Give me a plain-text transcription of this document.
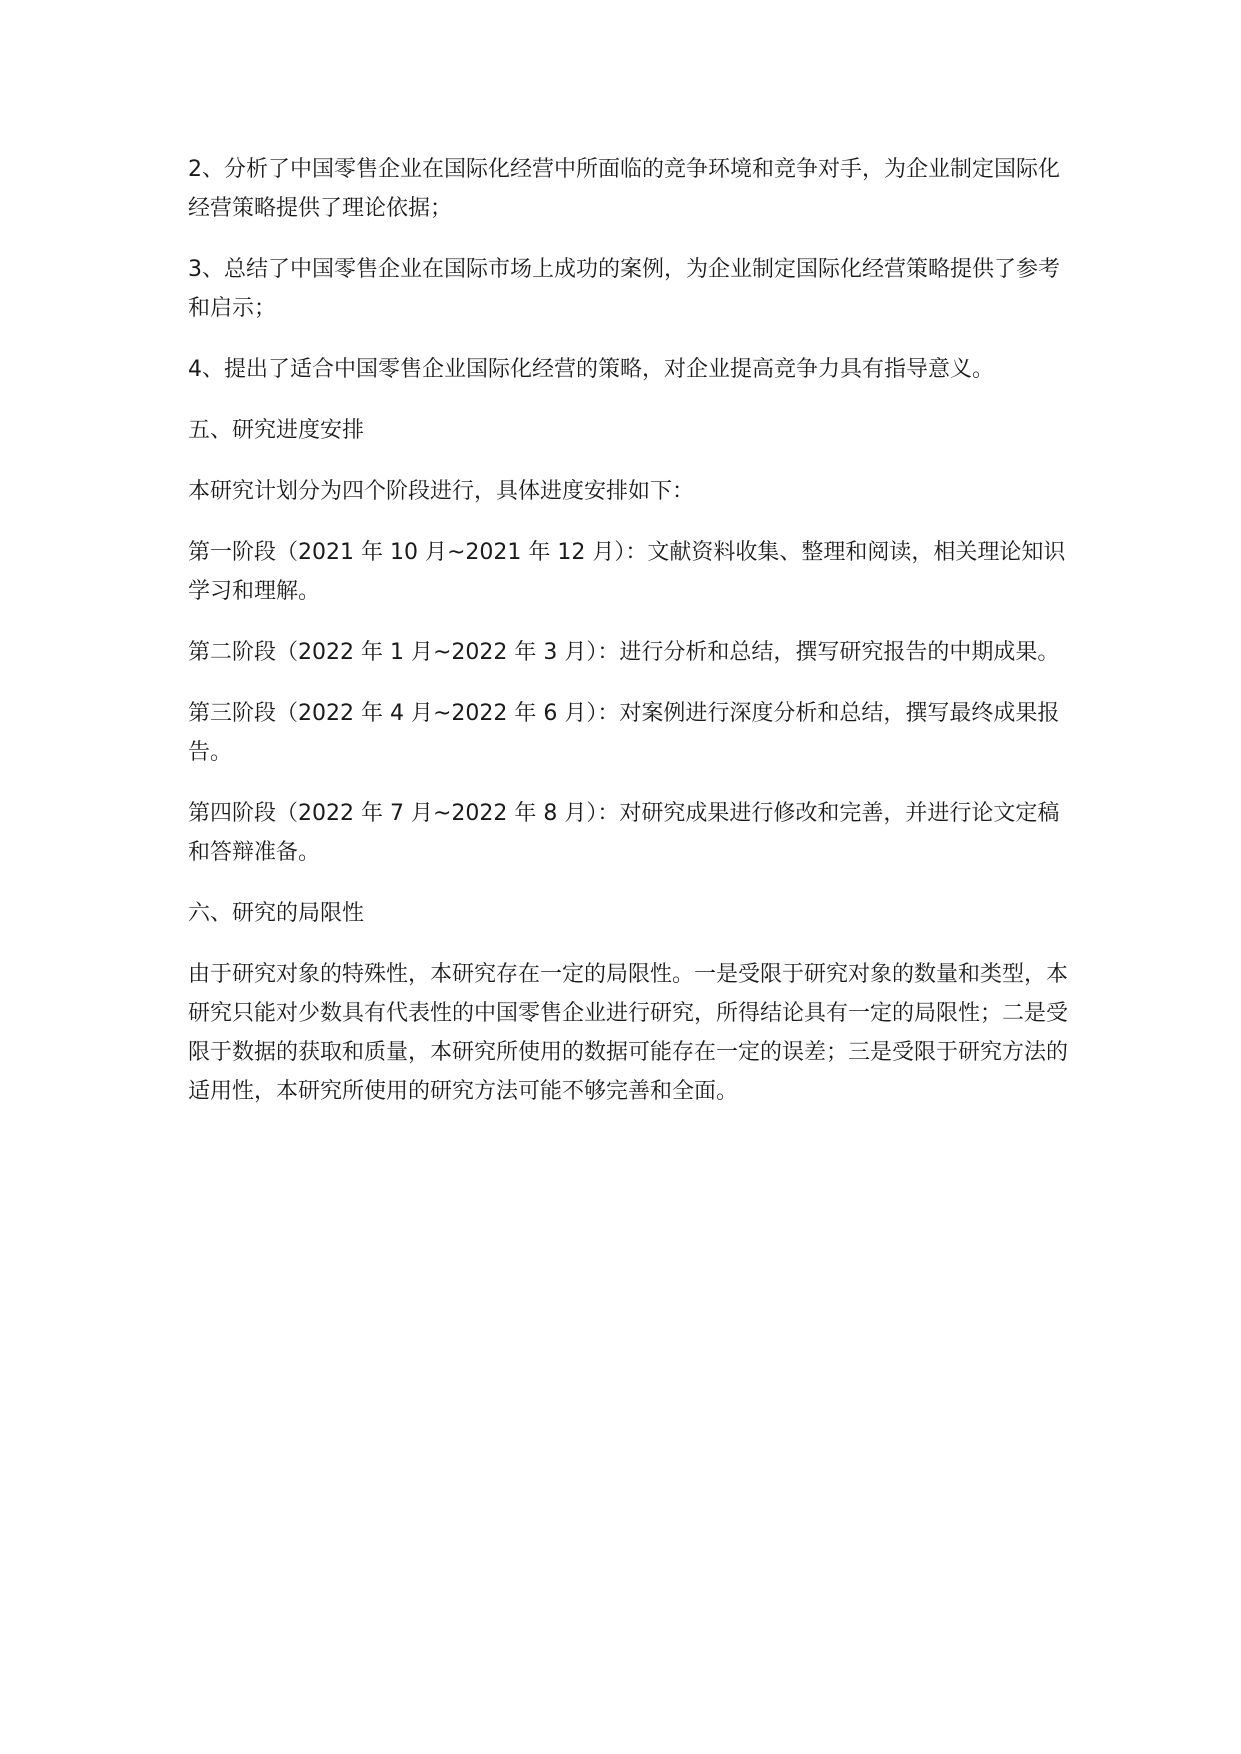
2、分析了中国零售企业在国际化经营中所面临的竞争环境和竞争对手，为企业制定国际化经营策略提供了理论依据；

3、总结了中国零售企业在国际市场上成功的案例，为企业制定国际化经营策略提供了参考和启示；

4、提出了适合中国零售企业国际化经营的策略，对企业提高竞争力具有指导意义。

五、研究进度安排

本研究计划分为四个阶段进行，具体进度安排如下：

第一阶段（2021 年 10 月~2021 年 12 月）：文献资料收集、整理和阅读，相关理论知识学习和理解。

第二阶段（2022 年 1 月~2022 年 3 月）：进行分析和总结，撰写研究报告的中期成果。

第三阶段（2022 年 4 月~2022 年 6 月）：对案例进行深度分析和总结，撰写最终成果报告。

第四阶段（2022 年 7 月~2022 年 8 月）：对研究成果进行修改和完善，并进行论文定稿和答辩准备。

六、研究的局限性

由于研究对象的特殊性，本研究存在一定的局限性。一是受限于研究对象的数量和类型，本研究只能对少数具有代表性的中国零售企业进行研究，所得结论具有一定的局限性；二是受限于数据的获取和质量，本研究所使用的数据可能存在一定的误差；三是受限于研究方法的适用性，本研究所使用的研究方法可能不够完善和全面。
